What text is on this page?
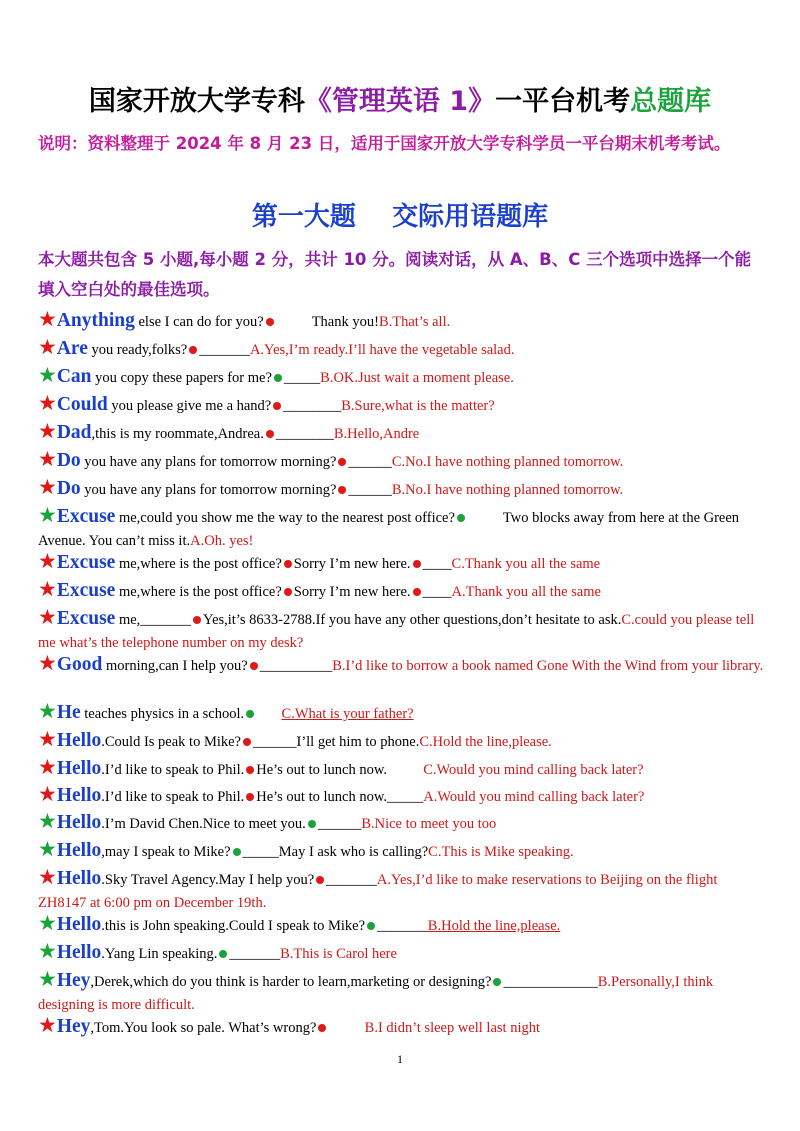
国家开放大学专科《管理英语 1》一平台机考总题库
说明：资料整理于 2024 年 8 月 23 日，适用于国家开放大学专科学员一平台期末机考考试。
第一大题    交际用语题库
本大题共包含 5 小题,每小题 2 分，共计 10 分。阅读对话，从 A、B、C 三个选项中选择一个能填入空白处的最佳选项。
★Anything else I can do for you?	Thank you!B.That’s all.
★Are you ready,folks? _______A.Yes,I’m ready.I’ll have the vegetable salad.
★Can you copy these papers for me? _____B.OK.Just wait a moment please.
★Could you please give me a hand? ________B.Sure,what is the matter?
★Dad,this is my roommate,Andrea. ________B.Hello,Andre
★Do you have any plans for tomorrow morning? ______C.No.I have nothing planned tomorrow.
★Do you have any plans for tomorrow morning? ______B.No.I have nothing planned tomorrow.
★Excuse me,could you show me the way to the nearest post office?	Two blocks away from here at the Green Avenue. You can’t miss it.A.Oh. yes!
★Excuse me,where is the post office? Sorry I’m new here. ____C.Thank you all the same
★Excuse me,where is the post office? Sorry I’m new here. ____A.Thank you all the same
★Excuse me,_______ Yes,it’s 8633-2788.If you have any other questions,don’t hesitate to ask.C.could you please tell me what’s the telephone number on my desk?
★Good morning,can I help you? __________B.I’d like to borrow a book named Gone With the Wind from your library.
★He teaches physics in a school.	C.What is your father?
★Hello.Could Is peak to Mike? ______I’ll get him to phone.C.Hold the line,please.
★Hello.I’d like to speak to Phil. He’s out to lunch now.          C.Would you mind calling back later?
★Hello.I’d like to speak to Phil. He’s out to lunch now._____A.Would you mind calling back later?
★Hello.I’m David Chen.Nice to meet you. ______B.Nice to meet you too
★Hello,may I speak to Mike? _____May I ask who is calling?C.This is Mike speaking.
★Hello.Sky Travel Agency.May I help you? _______A.Yes,I’d like to make reservations to Beijing on the flight ZH8147 at 6:00 pm on December 19th.
★Hello.this is John speaking.Could I speak to Mike? _______B.Hold the line,please.
★Hello.Yang Lin speaking. _______B.This is Carol here
★Hey,Derek,which do you think is harder to learn,marketing or designing? _____________B.Personally,I think designing is more difficult.
★Hey,Tom.You look so pale. What’s wrong?	B.I didn’t sleep well last night
1
